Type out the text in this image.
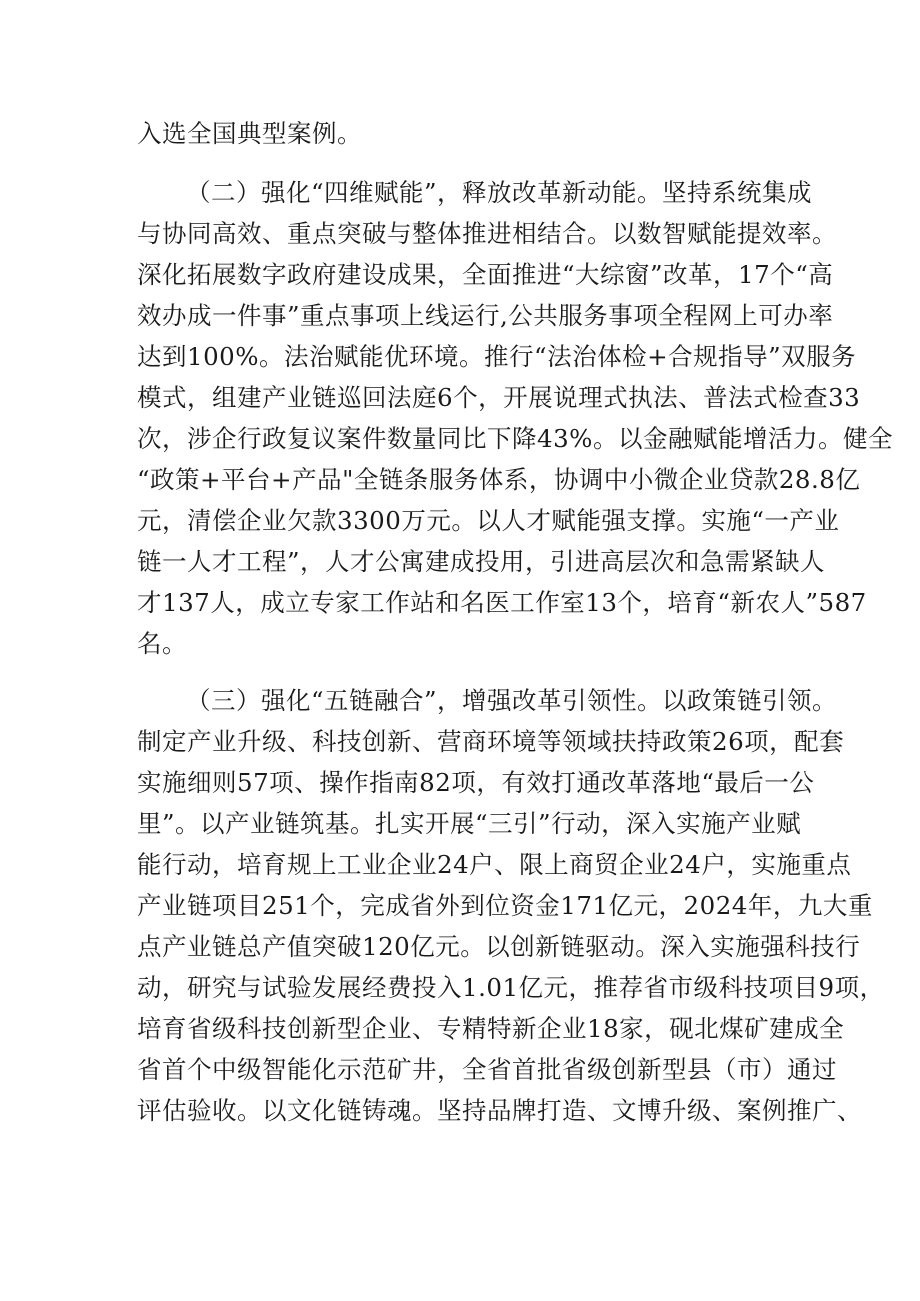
入选全国典型案例。
（二）强化“四维赋能”，释放改革新动能。坚持系统集成
与协同高效、重点突破与整体推进相结合。以数智赋能提效率。
深化拓展数字政府建设成果，全面推进“大综窗”改革，17个“高
效办成一件事”重点事项上线运行,公共服务事项全程网上可办率
达到100%。法治赋能优环境。推行“法治体检+合规指导”双服务
模式，组建产业链巡回法庭6个，开展说理式执法、普法式检查33
次，涉企行政复议案件数量同比下降43%。以金融赋能增活力。健全
“政策+平台+产品"全链条服务体系，协调中小微企业贷款28.8亿
元，清偿企业欠款3300万元。以人才赋能强支撑。实施“一产业
链一人才工程”，人才公寓建成投用，引进高层次和急需紧缺人
才137人，成立专家工作站和名医工作室13个，培育“新农人”587
名。
（三）强化“五链融合”，增强改革引领性。以政策链引领。
制定产业升级、科技创新、营商环境等领域扶持政策26项，配套
实施细则57项、操作指南82项，有效打通改革落地“最后一公
里”。以产业链筑基。扎实开展“三引”行动，深入实施产业赋
能行动，培育规上工业企业24户、限上商贸企业24户，实施重点
产业链项目251个，完成省外到位资金171亿元，2024年，九大重
点产业链总产值突破120亿元。以创新链驱动。深入实施强科技行
动，研究与试验发展经费投入1.01亿元，推荐省市级科技项目9项，
培育省级科技创新型企业、专精特新企业18家，砚北煤矿建成全
省首个中级智能化示范矿井，全省首批省级创新型县（市）通过
评估验收。以文化链铸魂。坚持品牌打造、文博升级、案例推广、
